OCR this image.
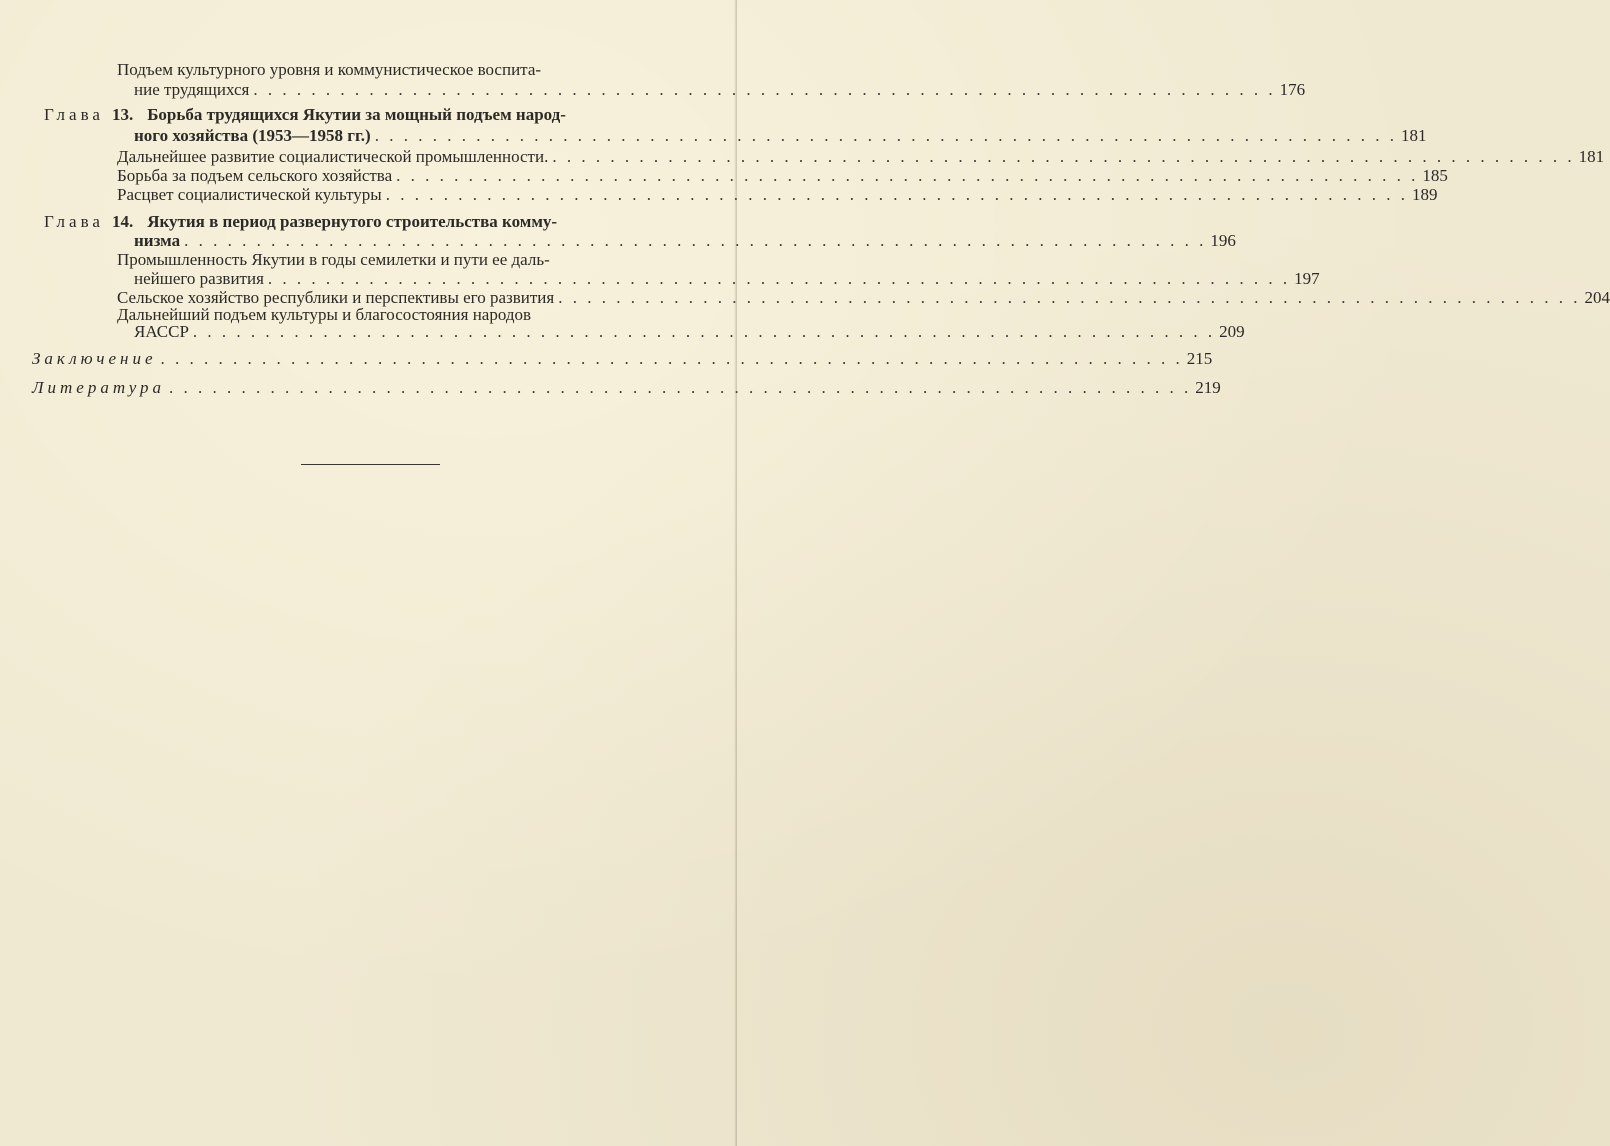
Подъем культурного уровня и коммунистическое воспита-
ние трудящихся . . .	176
Глава 13. Борьба трудящихся Якутии за мощный подъем народ-
ного хозяйства (1953—1958 гг.) . . .	181
Дальнейшее развитие социалистической промышленности. . . .	181
Борьба за подъем сельского хозяйства . . .	185
Расцвет социалистической культуры . . .	189
Глава 14. Якутия в период развернутого строительства комму-
низма . . .	196
Промышленность Якутии в годы семилетки и пути ее даль-
нейшего развития . . .	197
Сельское хозяйство республики и перспективы его развития . . .	204
Дальнейший подъем культуры и благосостояния народов
ЯАССР . . .	209
Заключение . . .	215
Литература . . .	219
